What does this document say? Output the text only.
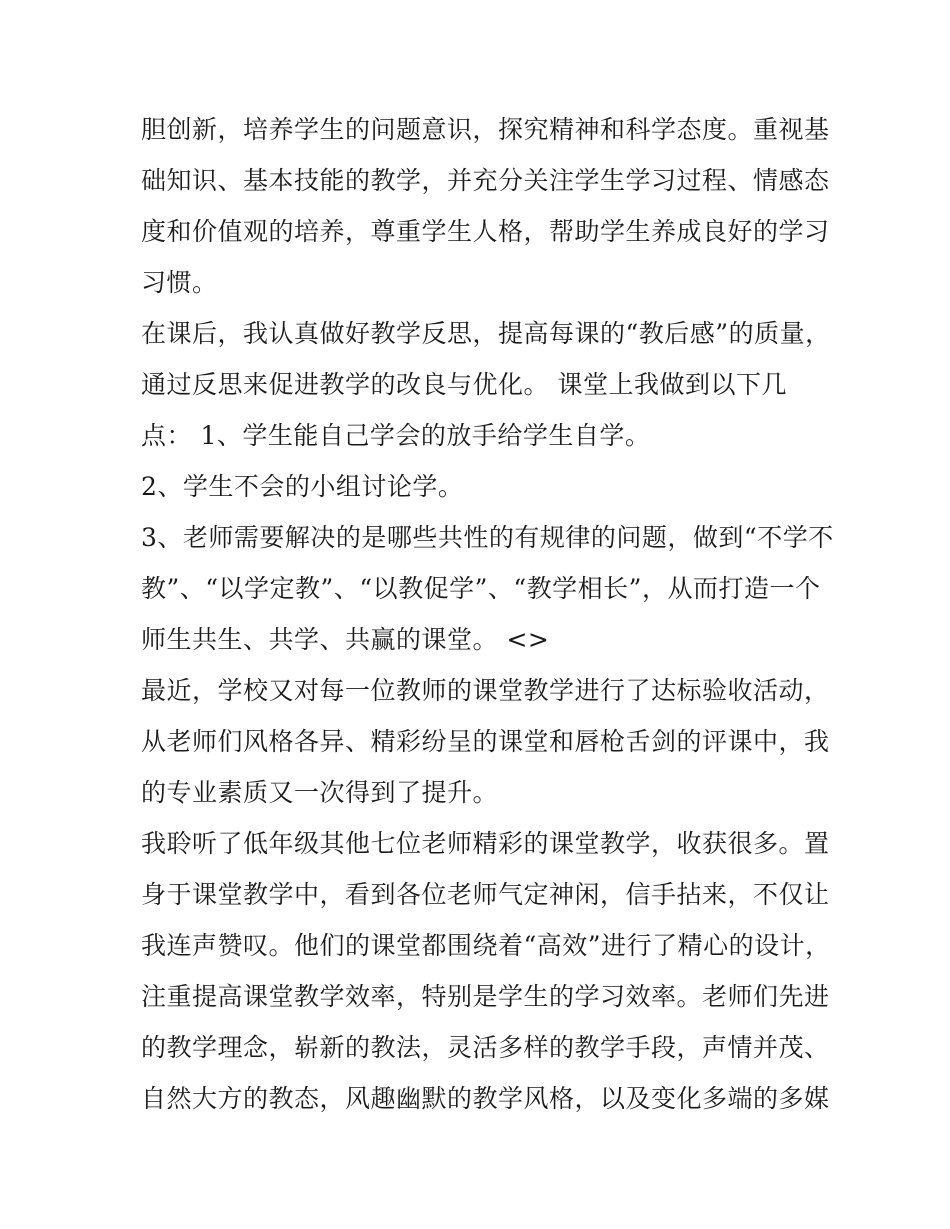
胆创新，培养学生的问题意识，探究精神和科学态度。重视基
础知识、基本技能的教学，并充分关注学生学习过程、情感态
度和价值观的培养，尊重学生人格，帮助学生养成良好的学习
习惯。
在课后，我认真做好教学反思，提高每课的“教后感”的质量，
通过反思来促进教学的改良与优化。 课堂上我做到以下几
点： 1、学生能自己学会的放手给学生自学。
2、学生不会的小组讨论学。
3、老师需要解决的是哪些共性的有规律的问题，做到“不学不
教”、“以学定教”、“以教促学”、“教学相长”，从而打造一个
师生共生、共学、共赢的课堂。 <>
最近，学校又对每一位教师的课堂教学进行了达标验收活动，
从老师们风格各异、精彩纷呈的课堂和唇枪舌剑的评课中，我
的专业素质又一次得到了提升。
我聆听了低年级其他七位老师精彩的课堂教学，收获很多。置
身于课堂教学中，看到各位老师气定神闲，信手拈来，不仅让
我连声赞叹。他们的课堂都围绕着“高效”进行了精心的设计，
注重提高课堂教学效率，特别是学生的学习效率。老师们先进
的教学理念，崭新的教法，灵活多样的教学手段，声情并茂、
自然大方的教态，风趣幽默的教学风格，以及变化多端的多媒
